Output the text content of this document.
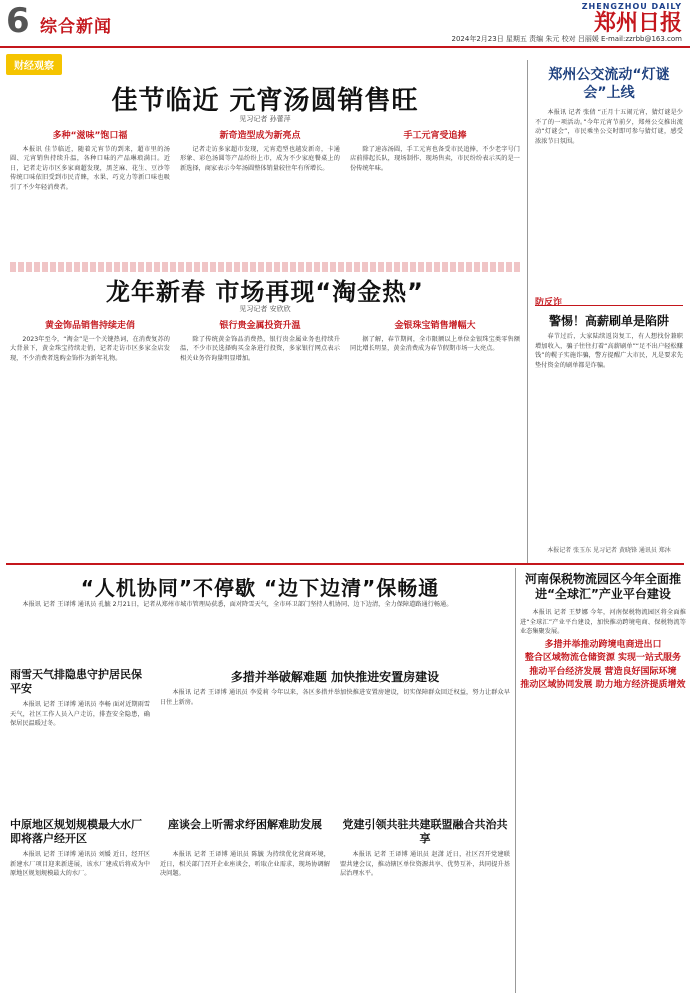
6 综合新闻
ZHENGZHOU DAILY
郑州日报
2024年2月23日 星期五 责编 朱元 校对 吕丽媛 E-mail:zzrbb@163.com
财经观察
佳节临近 元宵汤圆销售旺
见习记者 孙蕾萍
多种“滋味”饱口福
本报讯 佳节临近，随着元宵节的到来，超市里的汤圆、元宵销售持续升温，各种口味的产品琳琅满目。近日，记者走访市区多家商超发现，黑芝麻、花生、豆沙等传统口味依旧受到市民青睐，水果、巧克力等新口味也吸引了不少年轻消费者。
新奇造型成为新亮点
记者走访多家超市发现，元宵造型也越发新奇，卡通形象、彩色汤圆等产品纷纷上市，成为不少家庭餐桌上的新选择，商家表示今年汤圆整体销量较往年有所增长。
手工元宵受追捧
除了速冻汤圆，手工元宵也备受市民追捧，不少老字号门店前排起长队，现场制作、现场售卖，市民纷纷表示买的是一份传统年味。
龙年新春 市场再现“淘金热”
见习记者 安欣欣
黄金饰品销售持续走俏
2023年至今，“淘金”是一个关键热词，在消费复苏的大背景下，黄金珠宝持续走俏，记者走访市区多家金店发现，不少消费者选购金饰作为新年礼物。
银行贵金属投资升温
除了传统黄金饰品消费热，银行贵金属业务也持续升温，不少市民选择购买金条进行投资，多家银行网点表示相关业务咨询量明显增加。
金银珠宝销售增幅大
据了解，春节期间，全市限额以上单位金银珠宝类零售额同比增长明显，黄金消费成为春节假期市场一大亮点。
郑州公交流动“灯谜会”上线
本报讯 记者 张倩 “正月十五闹元宵，猜灯谜是少不了的一项活动。”今年元宵节前夕，郑州公交推出流动“灯谜会”，市民乘坐公交时即可参与猜灯谜，感受浓浓节日氛围。
防反诈
警惕！高薪刷单是陷阱
春节过后，大家陆续返岗复工，有人想找份兼职增加收入，骗子往往打着“高薪刷单”“足不出户轻松赚钱”的幌子实施诈骗，警方提醒广大市民，凡是要求先垫付资金的刷单都是诈骗。
本报记者 张玉东 见习记者 黄晓锋 通讯员 郑沐
“人机协同”不停歇 “边下边清”保畅通
本报讯 记者 王译博 通讯员 孔毓 2月21日，记者从郑州市城市管理局获悉，面对降雪天气，全市环卫部门坚持人机协同、边下边清，全力保障道路通行畅通。
河南保税物流园区今年全面推进“全球汇”产业平台建设
本报讯 记者 王梦娜 今年，河南保税物流园区将全面推进“全球汇”产业平台建设，加快推动跨境电商、保税物流等业态集聚发展。
多措并举推动跨境电商进出口
整合区域物流仓储资源 实现一站式服务
推动平台经济发展 营造良好国际环境
推动区域协同发展 助力地方经济提质增效
雨雪天气排隐患守护居民保平安
本报讯 记者 王译博 通讯员 李畅 面对近期雨雪天气，社区工作人员入户走访，排查安全隐患，确保居民温暖过冬。
多措并举破解难题 加快推进安置房建设
本报讯 记者 王译博 通讯员 李爱莉 今年以来，各区多措并举加快推进安置房建设，切实保障群众回迁权益，努力让群众早日住上新房。
中原地区规划规模最大水厂即将落户经开区
本报讯 记者 王译博 通讯员 刘媛 近日，经开区新建水厂项目迎来新进展，该水厂建成后将成为中原地区规划规模最大的水厂。
座谈会上听需求纾困解难助发展
本报讯 记者 王译博 通讯员 陈毓 为持续优化营商环境，近日，相关部门召开企业座谈会，听取企业需求，现场协调解决问题。
党建引领共驻共建联盟融合共治共享
本报讯 记者 王译博 通讯员 赵潇 近日，社区召开党建联盟共建会议，推动辖区单位资源共享、优势互补，共同提升基层治理水平。
